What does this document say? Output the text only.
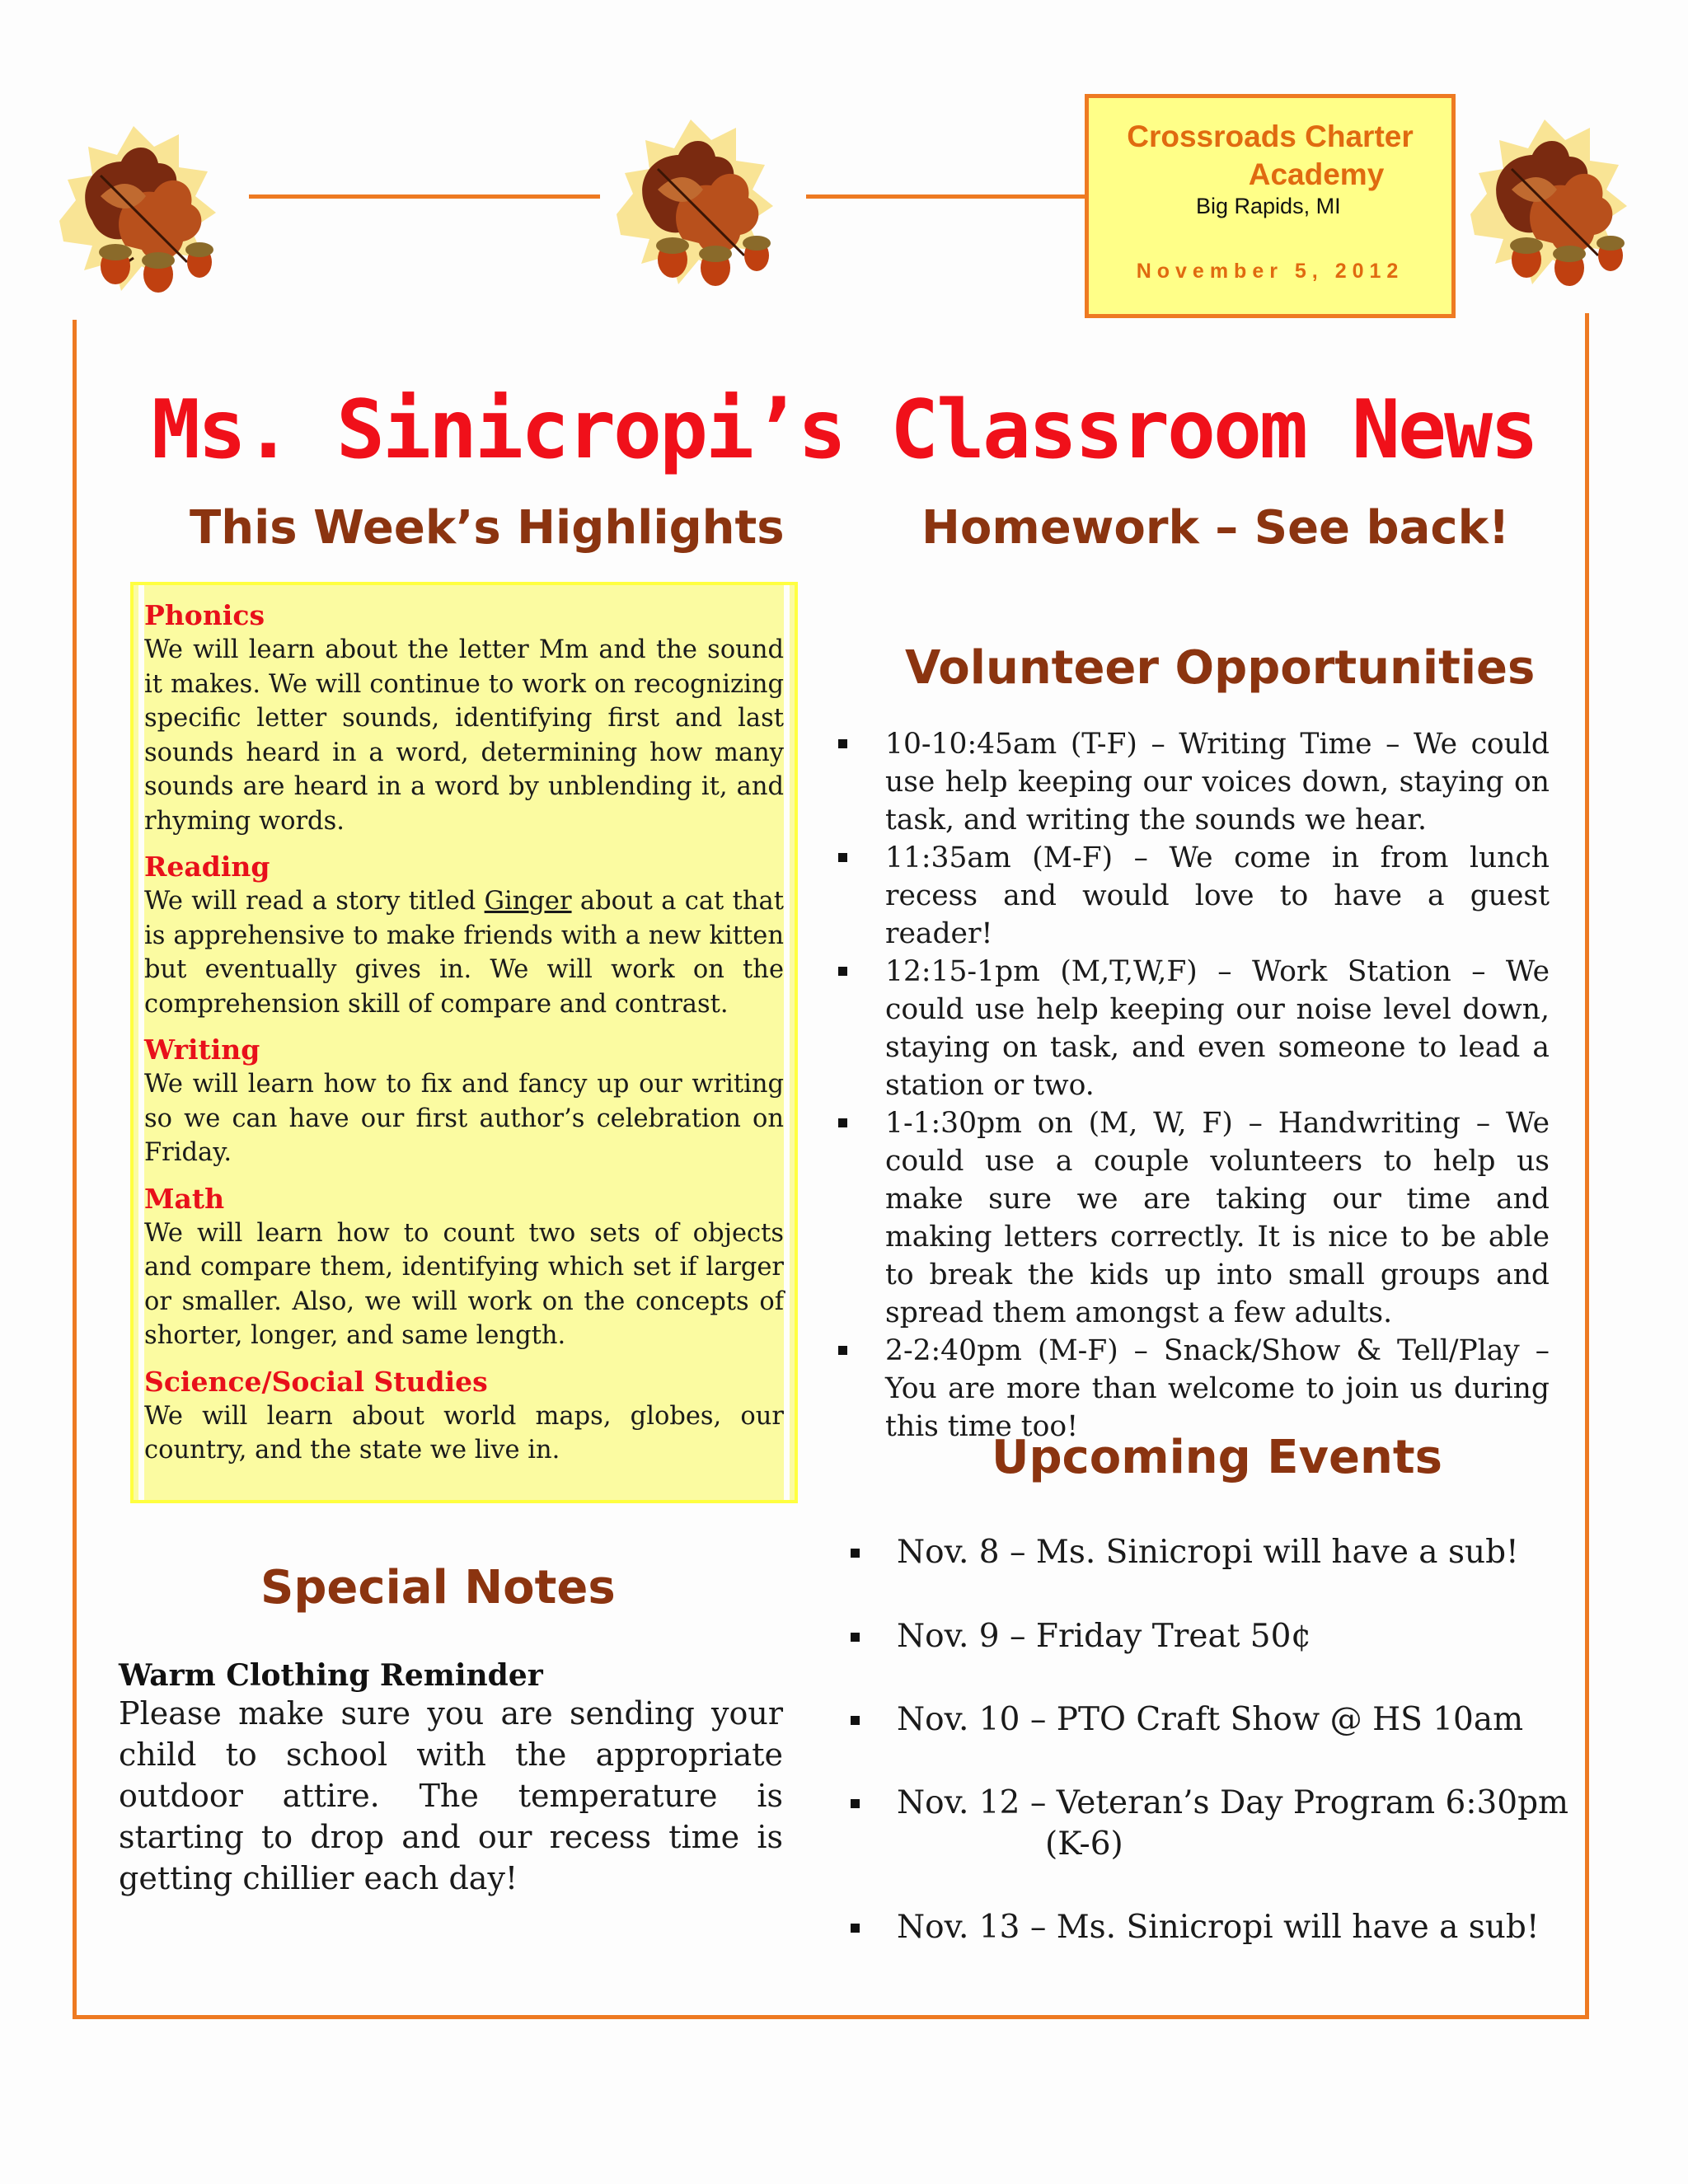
Crossroads Charter
Academy
Big Rapids, MI
November 5, 2012
Ms. Sinicropi’s Classroom News
This Week’s Highlights	Homework – See back!
Volunteer Opportunities
Upcoming Events
Special Notes
Phonics
We will learn about the letter Mm and the sound it makes. We will continue to work on recognizing specific letter sounds, identifying first and last sounds heard in a word, determining how many sounds are heard in a word by unblending it, and rhyming words.
Reading
We will read a story titled Ginger about a cat that is apprehensive to make friends with a new kitten but eventually gives in. We will work on the comprehension skill of compare and contrast.
Writing
We will learn how to fix and fancy up our writing so we can have our first author’s celebration on Friday.
Math
We will learn how to count two sets of objects and compare them, identifying which set if larger or smaller. Also, we will work on the concepts of shorter, longer, and same length.
Science/Social Studies
We will learn about world maps, globes, our country, and the state we live in.
10-10:45am (T-F) – Writing Time – We could use help keeping our voices down, staying on task, and writing the sounds we hear.
11:35am (M-F) – We come in from lunch recess and would love to have a guest reader!
12:15-1pm (M,T,W,F) – Work Station – We could use help keeping our noise level down, staying on task, and even someone to lead a station or two.
1-1:30pm on (M, W, F) – Handwriting – We could use a couple volunteers to help us make sure we are taking our time and making letters correctly. It is nice to be able to break the kids up into small groups and spread them amongst a few adults.
2-2:40pm (M-F) – Snack/Show & Tell/Play – You are more than welcome to join us during this time too!
Nov. 8 – Ms. Sinicropi will have a sub!
Nov. 9 – Friday Treat 50¢
Nov. 10 – PTO Craft Show @ HS 10am
Nov. 12 – Veteran’s Day Program 6:30pm
(K-6)
Nov. 13 – Ms. Sinicropi will have a sub!
Warm Clothing Reminder
Please make sure you are sending your child to school with the appropriate outdoor attire. The temperature is starting to drop and our recess time is getting chillier each day!
